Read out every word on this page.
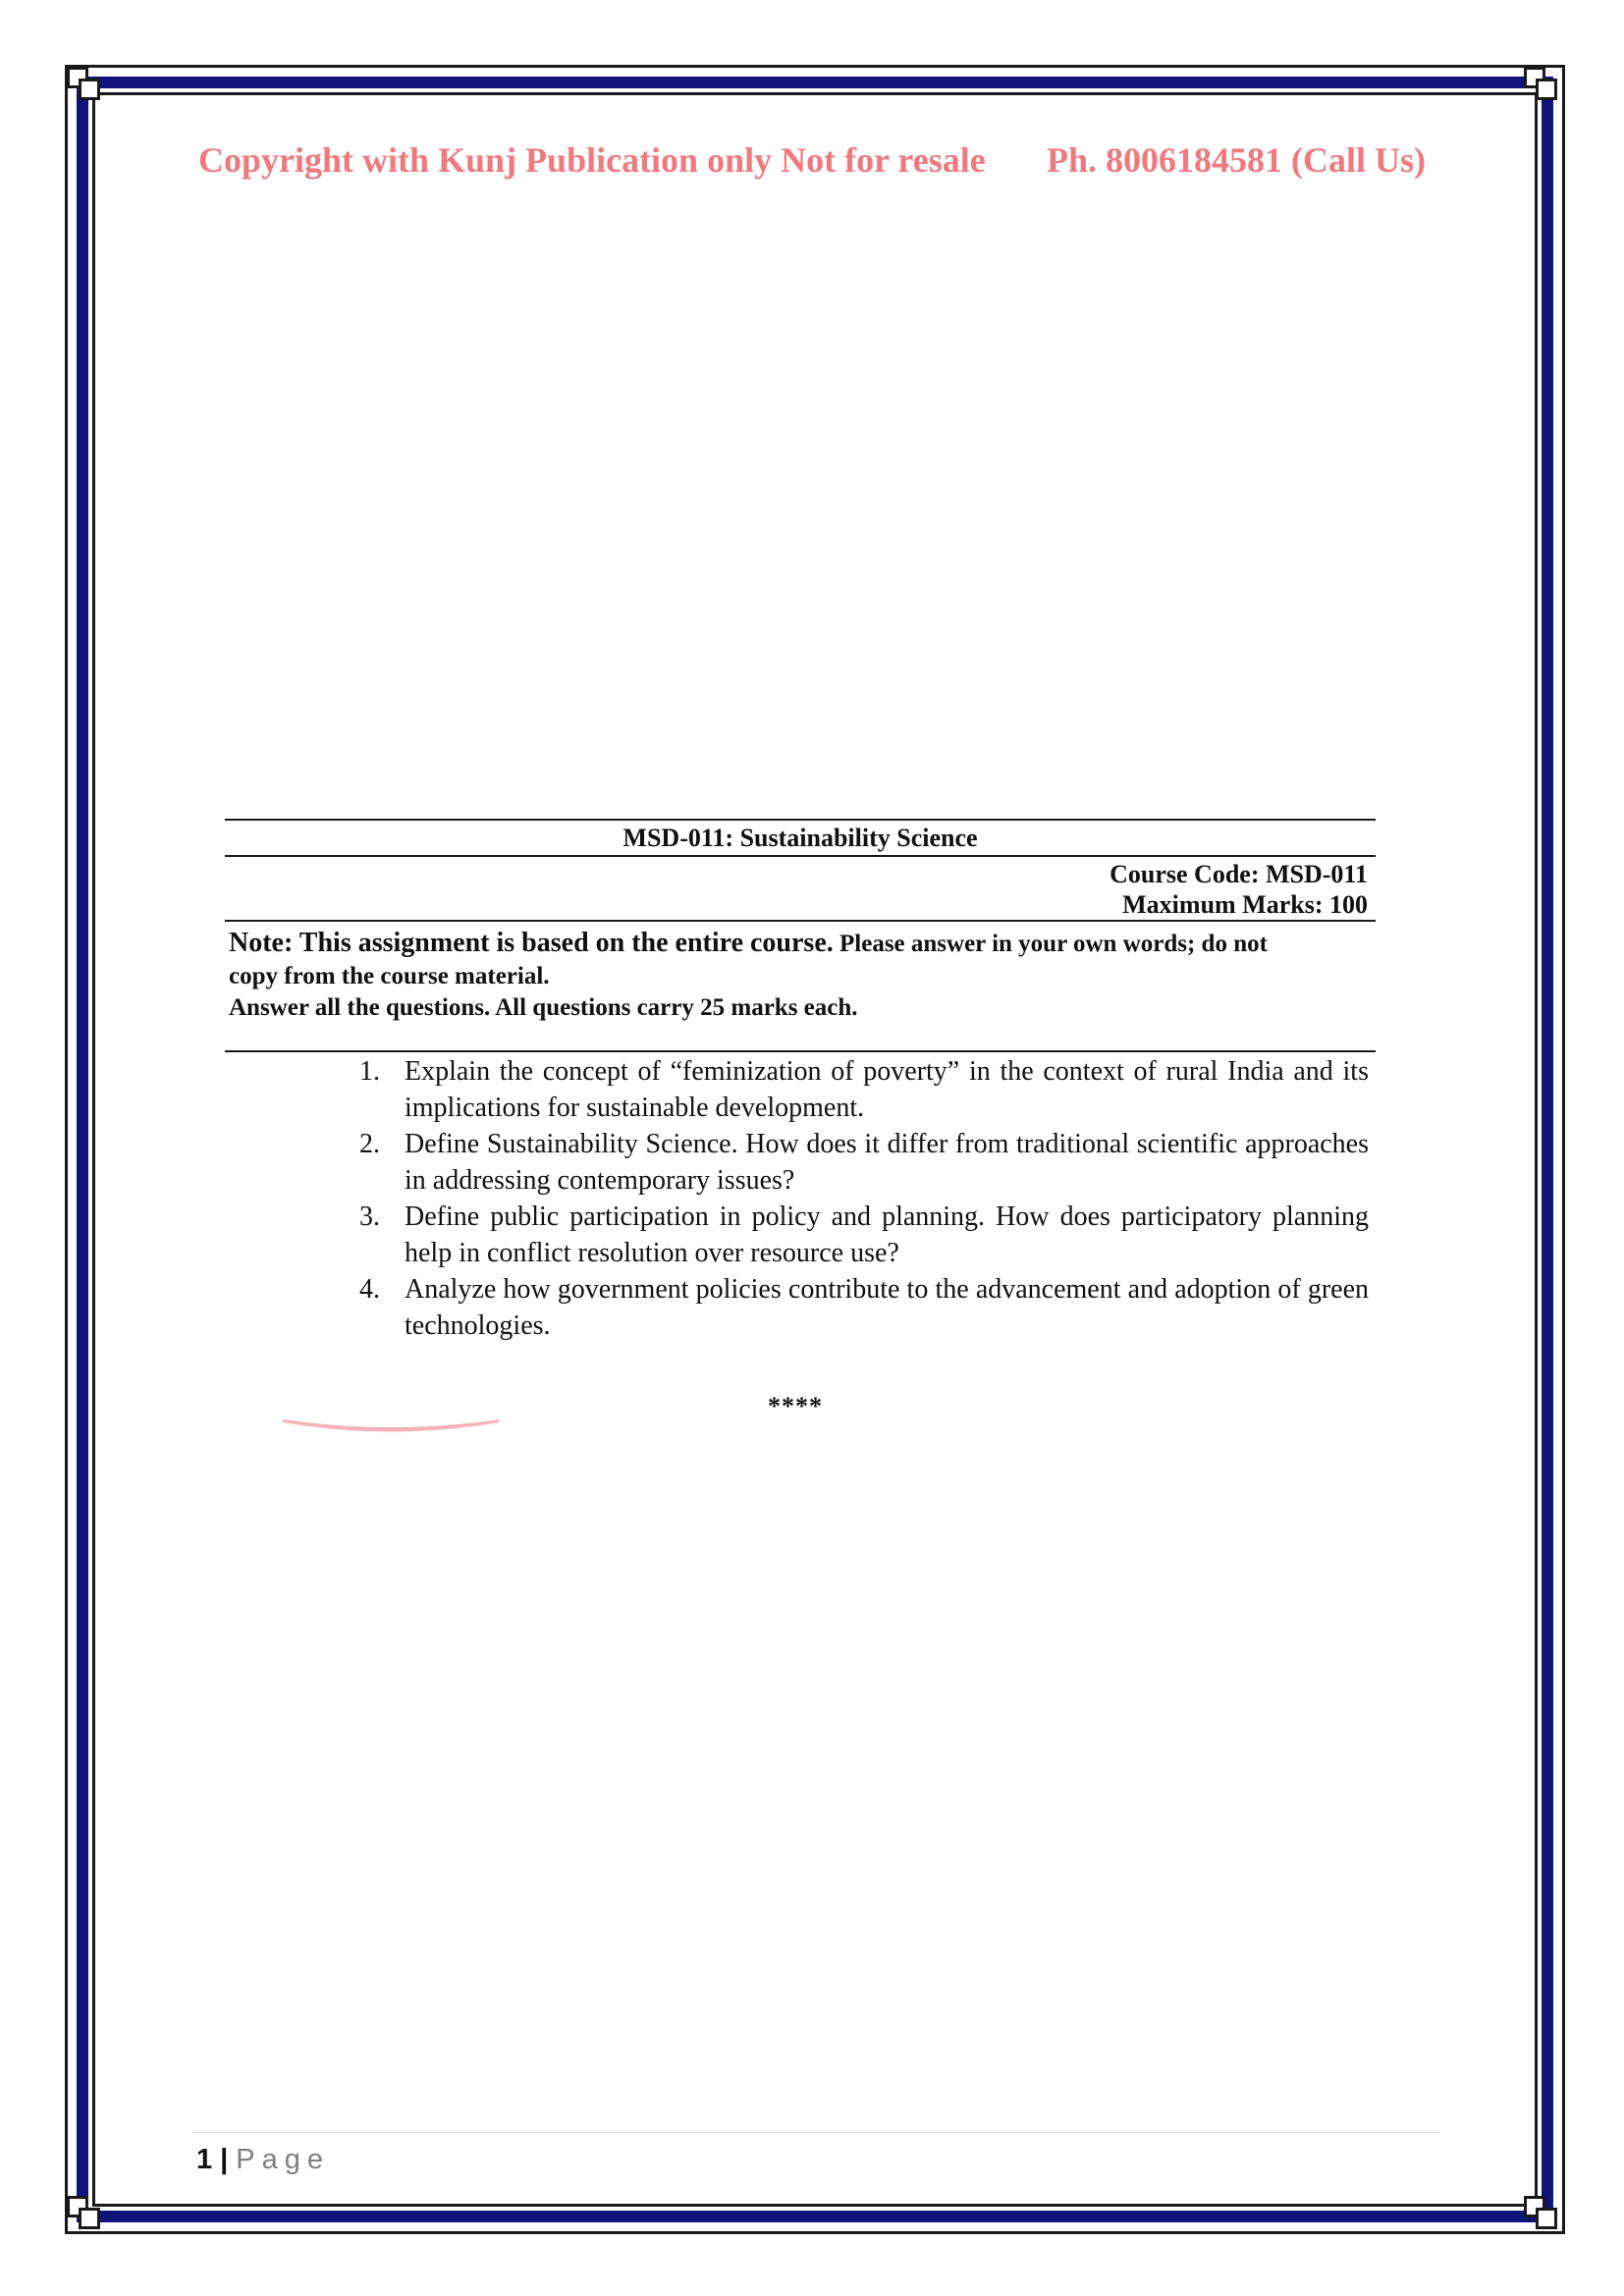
Copyright with Kunj Publication only Not for resale Ph. 8006184581 (Call Us)
MSD-011: Sustainability Science
Course Code: MSD-011
Maximum Marks: 100
Note: This assignment is based on the entire course. Please answer in your own words; do not
copy from the course material.
Answer all the questions. All questions carry 25 marks each.
1. Explain the concept of “feminization of poverty” in the context of rural India and its implications for sustainable development.
2. Define Sustainability Science. How does it differ from traditional scientific approaches in addressing contemporary issues?
3. Define public participation in policy and planning. How does participatory planning help in conflict resolution over resource use?
4. Analyze how government policies contribute to the advancement and adoption of green technologies.
****
1 | Page
